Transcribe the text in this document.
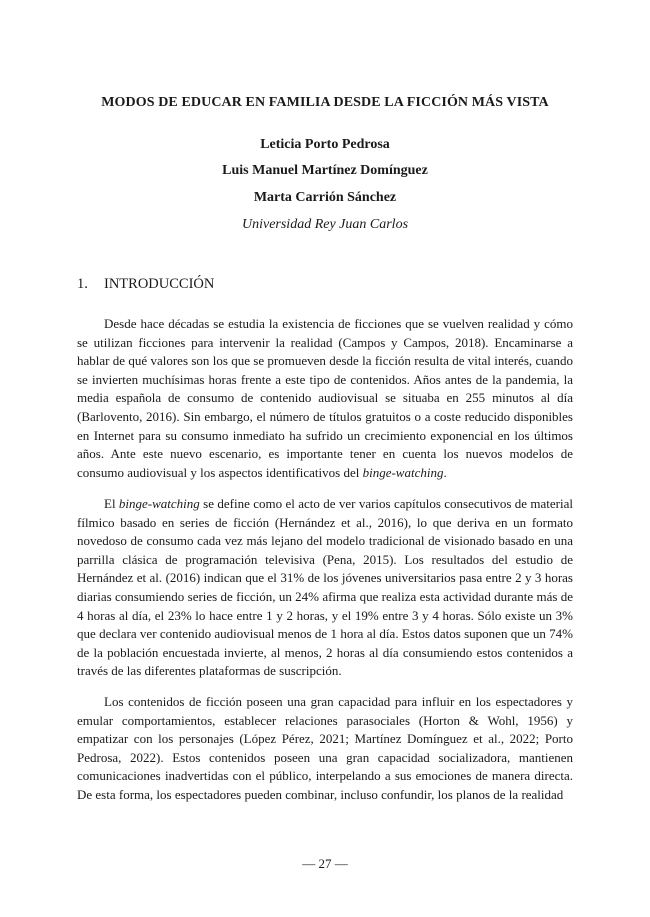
MODOS DE EDUCAR EN FAMILIA DESDE LA FICCIÓN MÁS VISTA
Leticia Porto Pedrosa
Luis Manuel Martínez Domínguez
Marta Carrión Sánchez
Universidad Rey Juan Carlos
1. INTRODUCCIÓN

Desde hace décadas se estudia la existencia de ficciones que se vuelven realidad y cómo se utilizan ficciones para intervenir la realidad (Campos y Campos, 2018). Encaminarse a hablar de qué valores son los que se promueven desde la ficción resulta de vital interés, cuando se invierten muchísimas horas frente a este tipo de contenidos. Años antes de la pandemia, la media española de consumo de contenido audiovisual se situaba en 255 minutos al día (Barlovento, 2016). Sin embargo, el número de títulos gratuitos o a coste reducido disponibles en Internet para su consumo inmediato ha sufrido un crecimiento exponencial en los últimos años. Ante este nuevo escenario, es importante tener en cuenta los nuevos modelos de consumo audiovisual y los aspectos identificativos del binge-watching.

El binge-watching se define como el acto de ver varios capítulos consecutivos de material fílmico basado en series de ficción (Hernández et al., 2016), lo que deriva en un formato novedoso de consumo cada vez más lejano del modelo tradicional de visionado basado en una parrilla clásica de programación televisiva (Pena, 2015). Los resultados del estudio de Hernández et al. (2016) indican que el 31% de los jóvenes universitarios pasa entre 2 y 3 horas diarias consumiendo series de ficción, un 24% afirma que realiza esta actividad durante más de 4 horas al día, el 23% lo hace entre 1 y 2 horas, y el 19% entre 3 y 4 horas. Sólo existe un 3% que declara ver contenido audiovisual menos de 1 hora al día. Estos datos suponen que un 74% de la población encuestada invierte, al menos, 2 horas al día consumiendo estos contenidos a través de las diferentes plataformas de suscripción.

Los contenidos de ficción poseen una gran capacidad para influir en los espectadores y emular comportamientos, establecer relaciones parasociales (Horton & Wohl, 1956) y empatizar con los personajes (López Pérez, 2021; Martínez Domínguez et al., 2022; Porto Pedrosa, 2022). Estos contenidos poseen una gran capacidad socializadora, mantienen comunicaciones inadvertidas con el público, interpelando a sus emociones de manera directa. De esta forma, los espectadores pueden combinar, incluso confundir, los planos de la realidad

— 27 —
